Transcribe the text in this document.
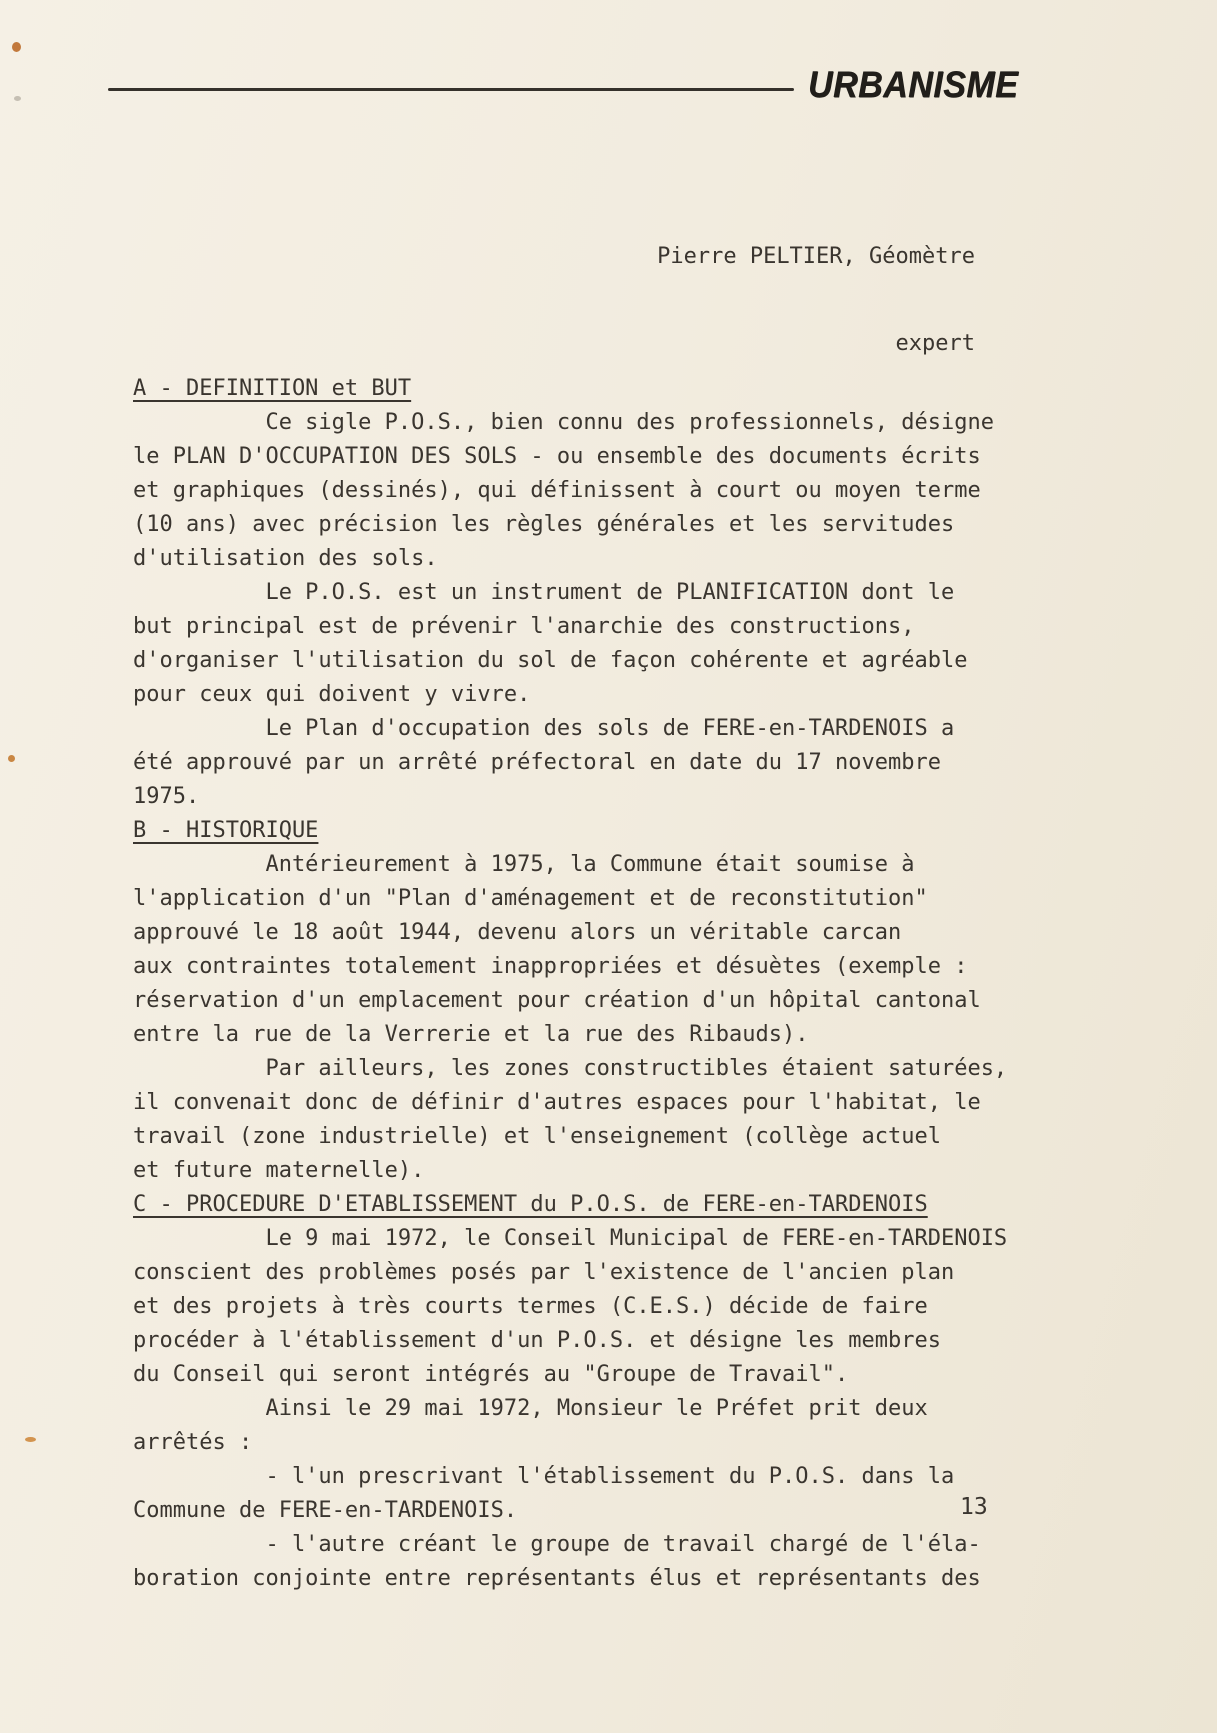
URBANISME

Pierre PELTIER, Géomètre

expert

A - DEFINITION et BUT
Ce sigle P.O.S., bien connu des professionnels, désigne
le PLAN D'OCCUPATION DES SOLS - ou ensemble des documents écrits
et graphiques (dessinés), qui définissent à court ou moyen terme
(10 ans) avec précision les règles générales et les servitudes
d'utilisation des sols.
Le P.O.S. est un instrument de PLANIFICATION dont le
but principal est de prévenir l'anarchie des constructions,
d'organiser l'utilisation du sol de façon cohérente et agréable
pour ceux qui doivent y vivre.
Le Plan d'occupation des sols de FERE-en-TARDENOIS a
été approuvé par un arrêté préfectoral en date du 17 novembre
1975.
B - HISTORIQUE
Antérieurement à 1975, la Commune était soumise à
l'application d'un "Plan d'aménagement et de reconstitution"
approuvé le 18 août 1944, devenu alors un véritable carcan
aux contraintes totalement inappropriées et désuètes (exemple :
réservation d'un emplacement pour création d'un hôpital cantonal
entre la rue de la Verrerie et la rue des Ribauds).
Par ailleurs, les zones constructibles étaient saturées,
il convenait donc de définir d'autres espaces pour l'habitat, le
travail (zone industrielle) et l'enseignement (collège actuel
et future maternelle).
C - PROCEDURE D'ETABLISSEMENT du P.O.S. de FERE-en-TARDENOIS
Le 9 mai 1972, le Conseil Municipal de FERE-en-TARDENOIS
conscient des problèmes posés par l'existence de l'ancien plan
et des projets à très courts termes (C.E.S.) décide de faire
procéder à l'établissement d'un P.O.S. et désigne les membres
du Conseil qui seront intégrés au "Groupe de Travail".
Ainsi le 29 mai 1972, Monsieur le Préfet prit deux
arrêtés :
- l'un prescrivant l'établissement du P.O.S. dans la
Commune de FERE-en-TARDENOIS.
- l'autre créant le groupe de travail chargé de l'éla-
boration conjointe entre représentants élus et représentants des
13
